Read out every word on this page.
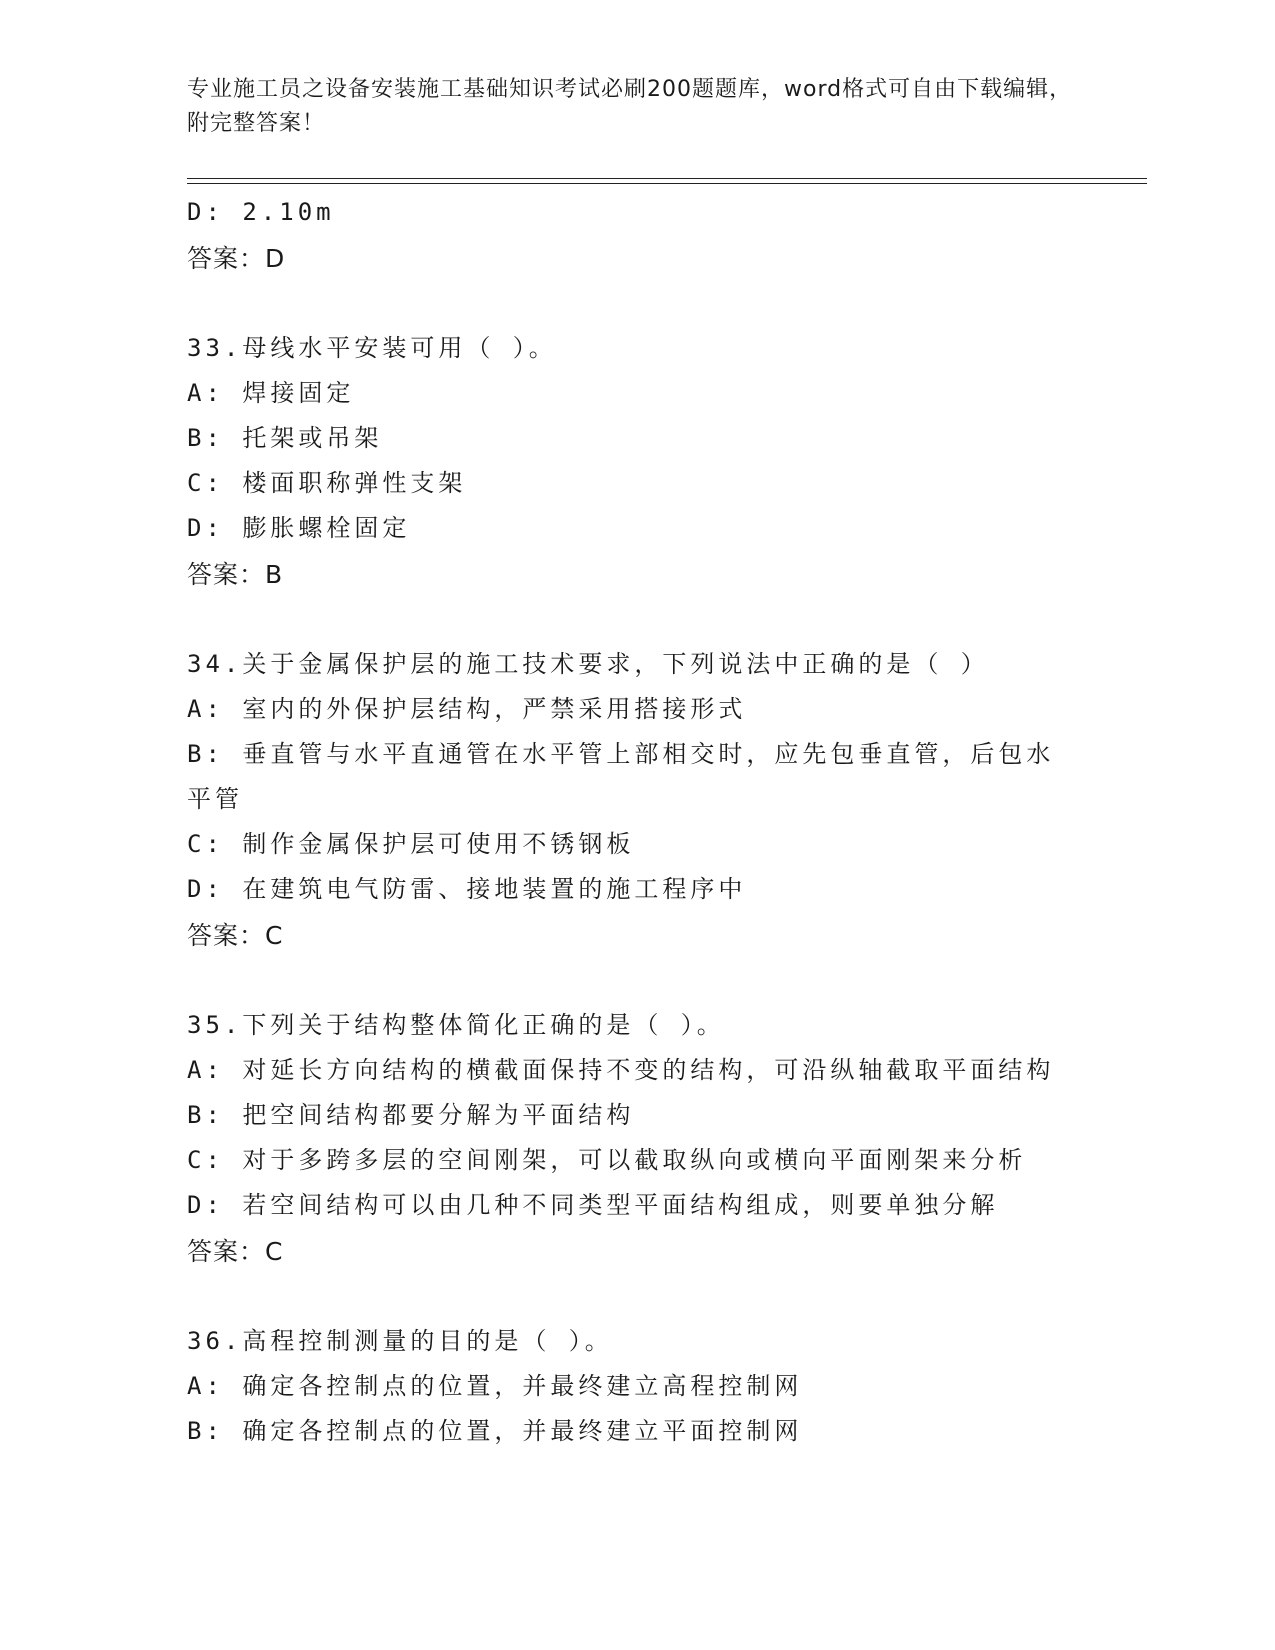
专业施工员之设备安装施工基础知识考试必刷200题题库，word格式可自由下载编辑，附完整答案！
D: 2.10m
答案：D
33.母线水平安装可用（ ）。
A: 焊接固定
B: 托架或吊架
C: 楼面职称弹性支架
D: 膨胀螺栓固定
答案：B
34.关于金属保护层的施工技术要求，下列说法中正确的是（ ）
A: 室内的外保护层结构，严禁采用搭接形式
B: 垂直管与水平直通管在水平管上部相交时，应先包垂直管，后包水平管
C: 制作金属保护层可使用不锈钢板
D: 在建筑电气防雷、接地装置的施工程序中
答案：C
35.下列关于结构整体简化正确的是（ ）。
A: 对延长方向结构的横截面保持不变的结构，可沿纵轴截取平面结构
B: 把空间结构都要分解为平面结构
C: 对于多跨多层的空间刚架，可以截取纵向或横向平面刚架来分析
D: 若空间结构可以由几种不同类型平面结构组成，则要单独分解
答案：C
36.高程控制测量的目的是（ ）。
A: 确定各控制点的位置，并最终建立高程控制网
B: 确定各控制点的位置，并最终建立平面控制网
